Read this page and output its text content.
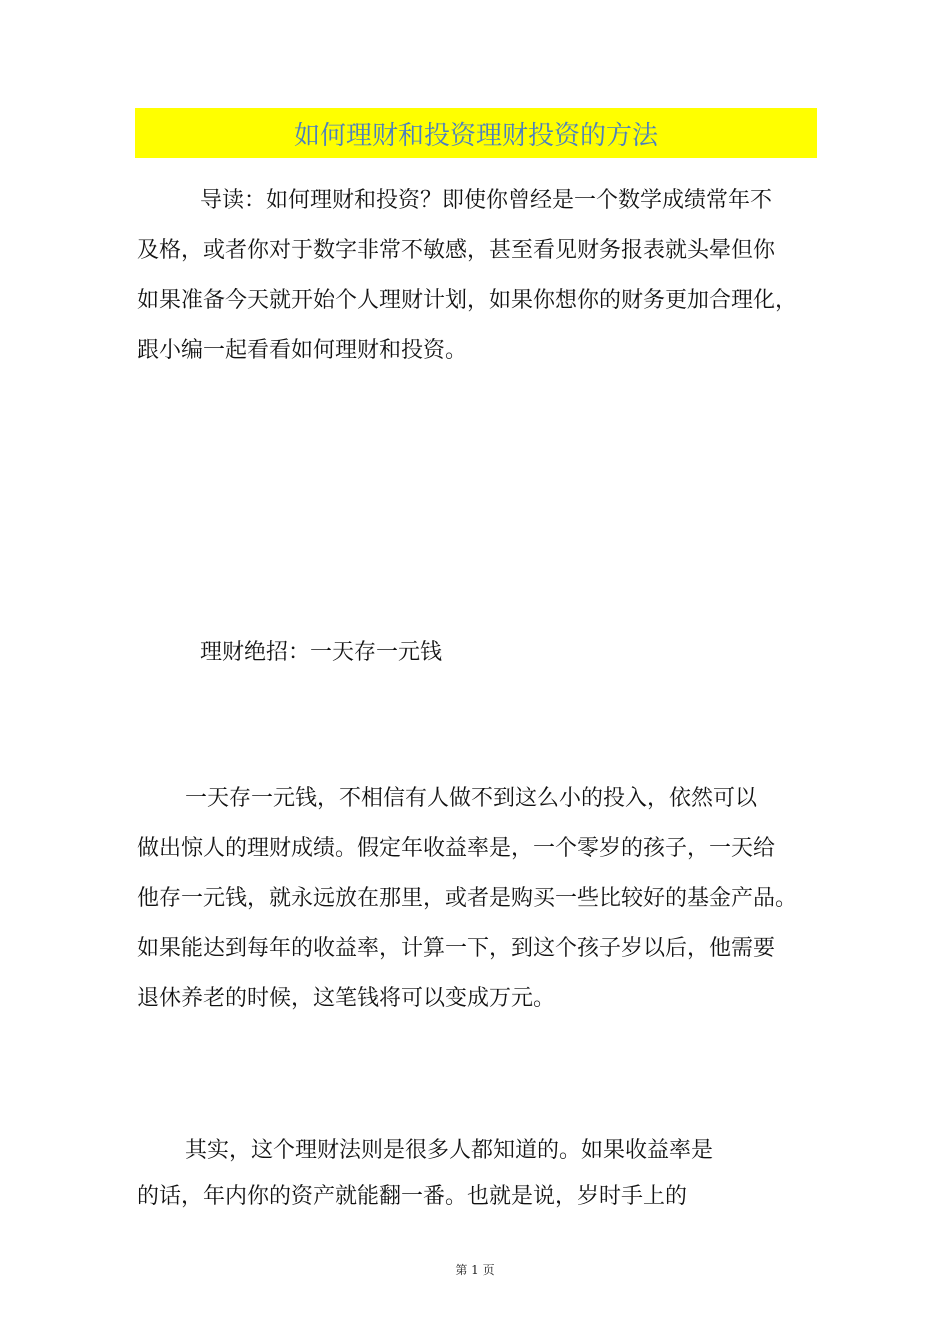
如何理财和投资理财投资的方法
导读：如何理财和投资？即使你曾经是一个数学成绩常年不
及格，或者你对于数字非常不敏感，甚至看见财务报表就头晕但你
如果准备今天就开始个人理财计划，如果你想你的财务更加合理化，
跟小编一起看看如何理财和投资。
理财绝招：一天存一元钱
一天存一元钱，不相信有人做不到这么小的投入，依然可以
做出惊人的理财成绩。假定年收益率是，一个零岁的孩子，一天给
他存一元钱，就永远放在那里，或者是购买一些比较好的基金产品。
如果能达到每年的收益率，计算一下，到这个孩子岁以后，他需要
退休养老的时候，这笔钱将可以变成万元。
其实，这个理财法则是很多人都知道的。如果收益率是
的话，年内你的资产就能翻一番。也就是说，岁时手上的
第 1 页
